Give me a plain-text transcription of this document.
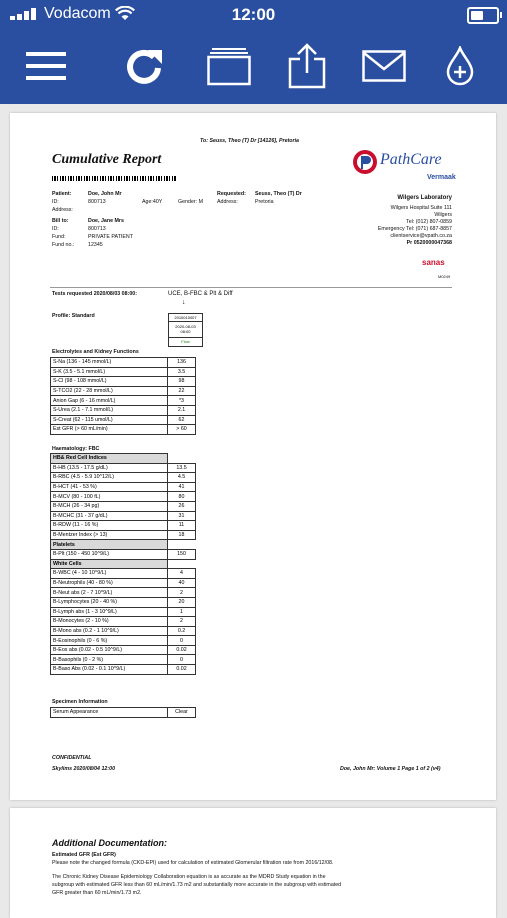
Vodacom	12:00
To: Seuss, Theo (T) Dr [14126], Pretoria
Cumulative Report	PathCare
Vermaak
Patient:	Doe, John Mr
ID:	800713	Age:40Y	Gender: M
Address:
Bill to:	Doe, Jane Mrs
ID:	800713
Fund:	PRIVATE PATIENT
Fund no.:	12345
Requested: Seuss, Theo (T) Dr
Address:	Pretoria
Wilgers Laboratory
Wilgers Hospital Suite 111
Wilgers
Tel: (012) 807-0859
Emergency Tel: (071) 687-8857
clientservice@vpath.co.za
Pr 0520000047368
sanas
M0249
Tests requested 2020/08/03 08:00:	UCE, B-FBC & Plt & Diff
↓
Profile: Standard	2010010007
2020-08-03
08:00
Flow
Electrolytes and Kidney Functions
S-Na (136 - 145 mmol/L)	136
S-K (3.5 - 5.1 mmol/L)	3.5
S-Cl (98 - 108 mmol/L)	98
S-TCO2 (22 - 28 mmol/L)	22
Anion Gap (6 - 16 mmol/L)	*3
S-Urea (2.1 - 7.1 mmol/L)	2.1
S-Creat (62 - 115 umol/L)	62
Est GFR (> 60 mL/min)	> 60
Haematology: FBC
HB& Red Cell Indices	
B-HB (13.5 - 17.5 g/dL)	13.5
B-RBC (4.5 - 5.9 10^12/L)	4.5
B-HCT (41 - 53 %)	41
B-MCV (80 - 100 fL)	80
B-MCH (26 - 34 pg)	26
B-MCHC (31 - 37 g/dL)	31
B-RDW (11 - 16 %)	11
B-Mentzer Index (> 13)	18
Platelets	
B-Plt (150 - 450 10^9/L)	150
White Cells	
B-WBC (4 - 10 10^9/L)	4
B-Neutrophils (40 - 80 %)	40
B-Neut abs (2 - 7 10^9/L)	2
B-Lymphocytes (20 - 40 %)	20
B-Lymph abs (1 - 3 10^9/L)	1
B-Monocytes (2 - 10 %)	2
B-Mono abs (0.2 - 1 10^9/L)	0.2
B-Eosinophils (0 - 6 %)	0
B-Eos abs (0.02 - 0.5 10^9/L)	0.02
B-Basophils (0 - 2 %)	0
B-Baso Abs (0.02 - 0.1 10^9/L)	0.02
Specimen Information
Serum Appearance	Clear
CONFIDENTIAL
Skylims 2020/08/04 12:00	Doe, John Mr: Volume 1 Page 1 of 2 (v4)
Additional Documentation:
Estimated GFR (Est GFR)
Please note the changed formula (CKD-EPI) used for calculation of estimated Glomerular filtration rate from 2016/12/08.
The Chronic Kidney Disease Epidemiology Collaboration equation is as accurate as the MDRD Study equation in the
subgroup with estimated GFR less than 60 mL/min/1.73 m2 and substantially more accurate in the subgroup with estimated
GFR greater than 60 mL/min/1.73 m2.
